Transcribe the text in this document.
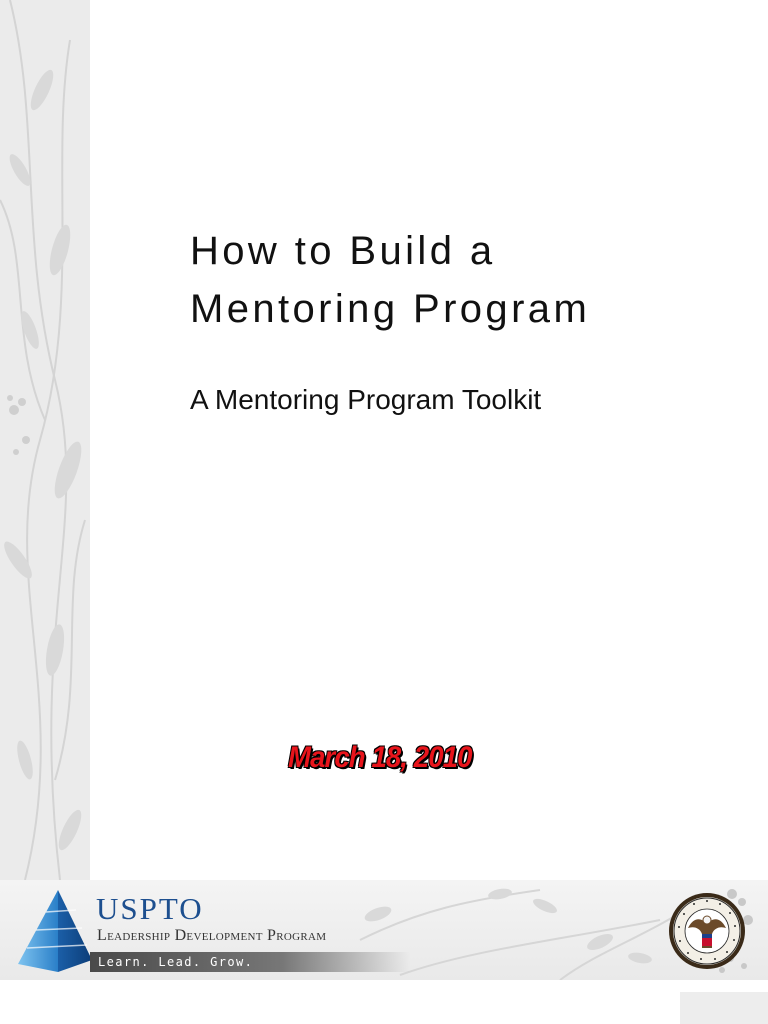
How to Build a
Mentoring Program
A Mentoring Program Toolkit
March 18, 2010
USPTO
Leadership Development Program
Learn. Lead. Grow.
